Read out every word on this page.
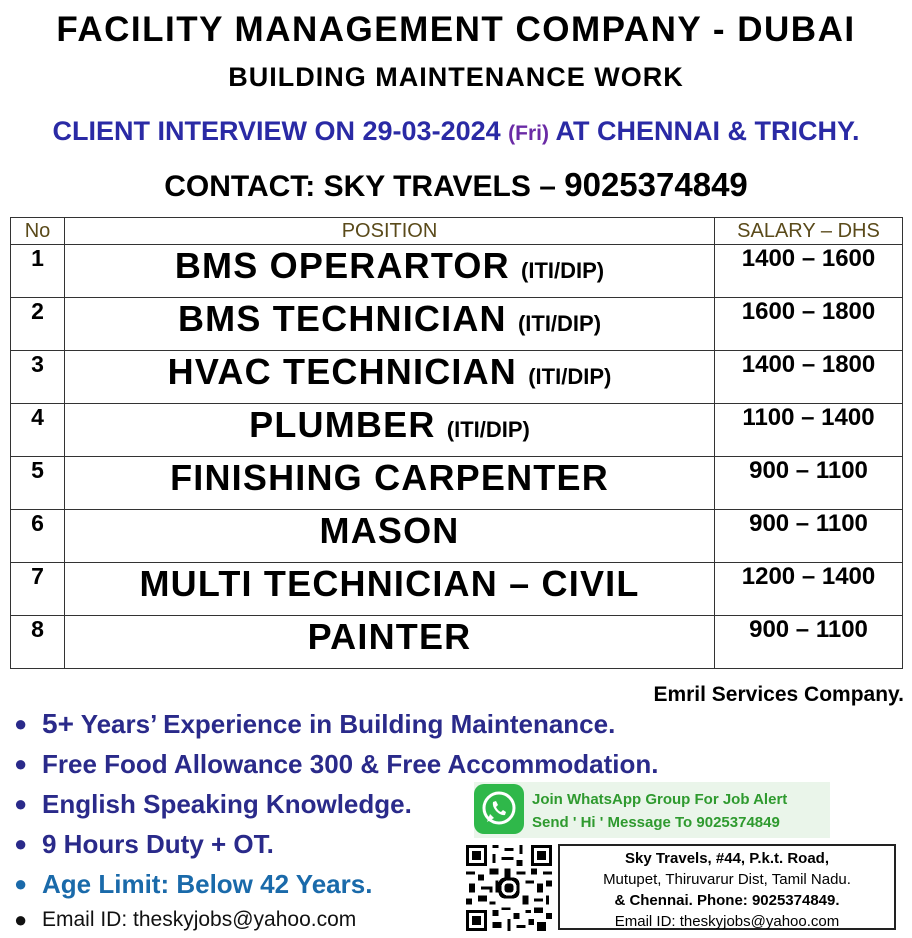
FACILITY MANAGEMENT COMPANY - DUBAI
BUILDING MAINTENANCE WORK
CLIENT INTERVIEW ON 29-03-2024 (Fri) AT CHENNAI & TRICHY.
CONTACT: SKY TRAVELS – 9025374849
No	POSITION	SALARY – DHS
1	BMS OPERARTOR (ITI/DIP)	1400 – 1600
2	BMS TECHNICIAN (ITI/DIP)	1600 – 1800
3	HVAC TECHNICIAN (ITI/DIP)	1400 – 1800
4	PLUMBER (ITI/DIP)	1100 – 1400
5	FINISHING CARPENTER	900 – 1100
6	MASON	900 – 1100
7	MULTI TECHNICIAN – CIVIL	1200 – 1400
8	PAINTER	900 – 1100
Emril Services Company.
● 5+ Years’ Experience in Building Maintenance.
● Free Food Allowance 300 & Free Accommodation.
● English Speaking Knowledge.
● 9 Hours Duty + OT.
● Age Limit: Below 42 Years.
● Email ID: theskyjobs@yahoo.com
Join WhatsApp Group For Job Alert
Send ' Hi ' Message To 9025374849
Sky Travels, #44, P.k.t. Road,
Mutupet, Thiruvarur Dist, Tamil Nadu.
& Chennai. Phone: 9025374849.
Email ID: theskyjobs@yahoo.com
